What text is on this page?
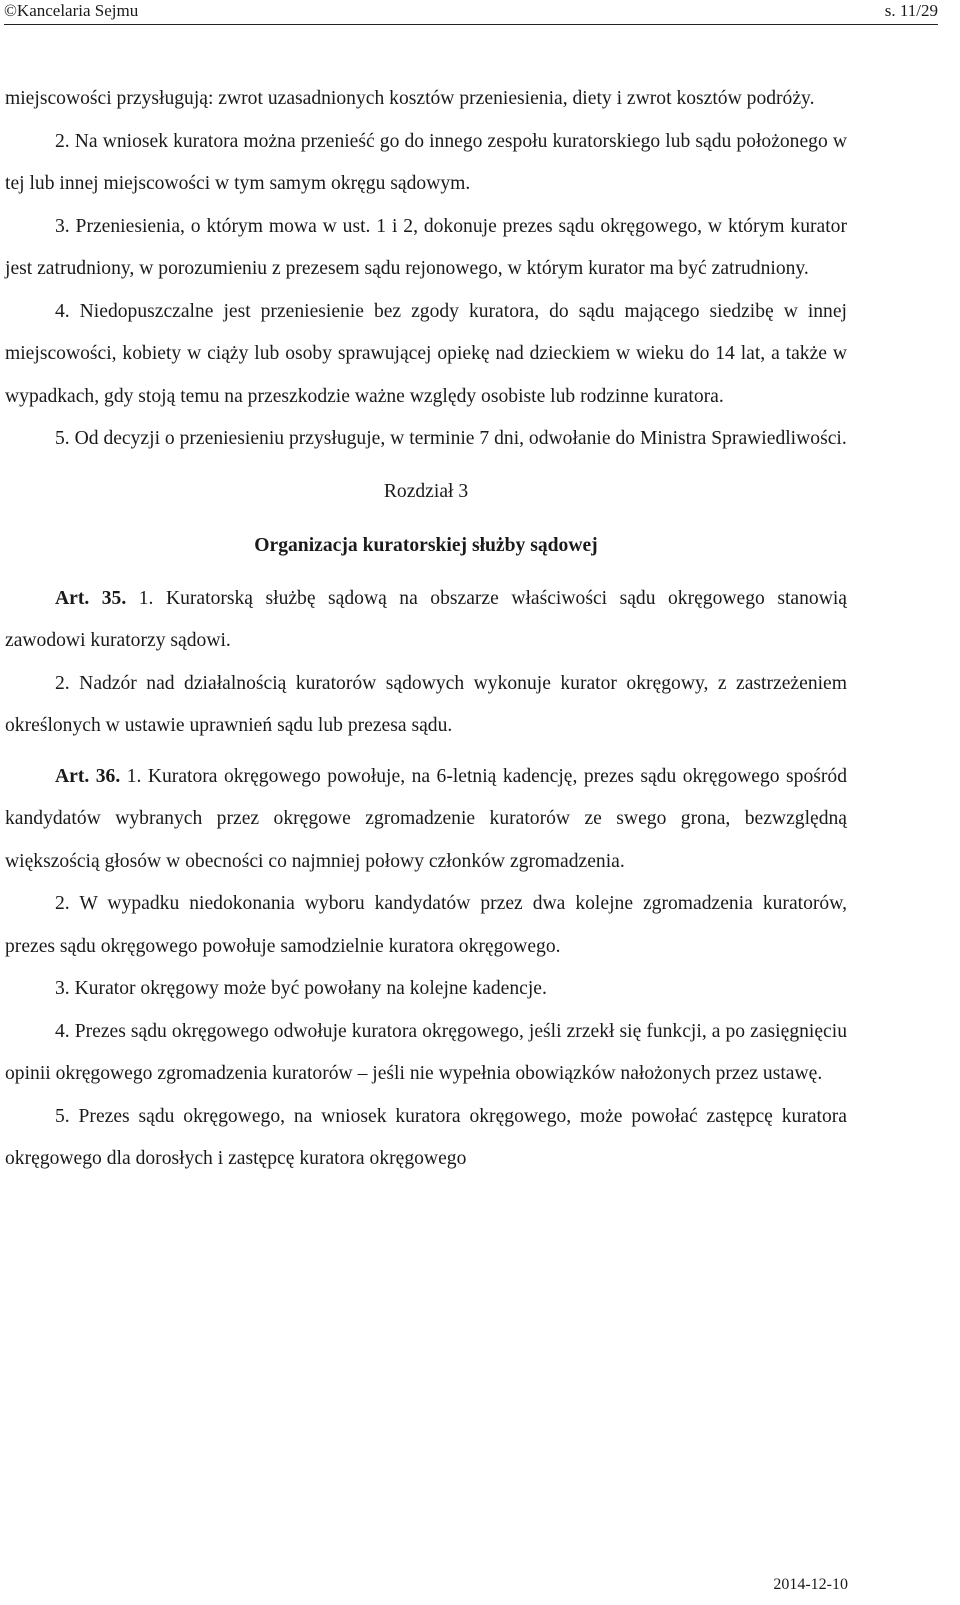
©Kancelaria Sejmu	s. 11/29

miejscowości przysługują: zwrot uzasadnionych kosztów przeniesienia, diety i zwrot kosztów podróży.

2. Na wniosek kuratora można przenieść go do innego zespołu kuratorskiego lub sądu położonego w tej lub innej miejscowości w tym samym okręgu sądowym.

3. Przeniesienia, o którym mowa w ust. 1 i 2, dokonuje prezes sądu okręgowego, w którym kurator jest zatrudniony, w porozumieniu z prezesem sądu rejonowego, w którym kurator ma być zatrudniony.

4. Niedopuszczalne jest przeniesienie bez zgody kuratora, do sądu mającego siedzibę w innej miejscowości, kobiety w ciąży lub osoby sprawującej opiekę nad dzieckiem w wieku do 14 lat, a także w wypadkach, gdy stoją temu na przeszkodzie ważne względy osobiste lub rodzinne kuratora.

5. Od decyzji o przeniesieniu przysługuje, w terminie 7 dni, odwołanie do Ministra Sprawiedliwości.

Rozdział 3
Organizacja kuratorskiej służby sądowej

Art. 35. 1. Kuratorską służbę sądową na obszarze właściwości sądu okręgowego stanowią zawodowi kuratorzy sądowi.

2. Nadzór nad działalnością kuratorów sądowych wykonuje kurator okręgowy, z zastrzeżeniem określonych w ustawie uprawnień sądu lub prezesa sądu.

Art. 36. 1. Kuratora okręgowego powołuje, na 6-letnią kadencję, prezes sądu okręgowego spośród kandydatów wybranych przez okręgowe zgromadzenie kuratorów ze swego grona, bezwzględną większością głosów w obecności co najmniej połowy członków zgromadzenia.

2. W wypadku niedokonania wyboru kandydatów przez dwa kolejne zgromadzenia kuratorów, prezes sądu okręgowego powołuje samodzielnie kuratora okręgowego.

3. Kurator okręgowy może być powołany na kolejne kadencje.

4. Prezes sądu okręgowego odwołuje kuratora okręgowego, jeśli zrzekł się funkcji, a po zasięgnięciu opinii okręgowego zgromadzenia kuratorów – jeśli nie wypełnia obowiązków nałożonych przez ustawę.

5. Prezes sądu okręgowego, na wniosek kuratora okręgowego, może powołać zastępcę kuratora okręgowego dla dorosłych i zastępcę kuratora okręgowego

2014-12-10
